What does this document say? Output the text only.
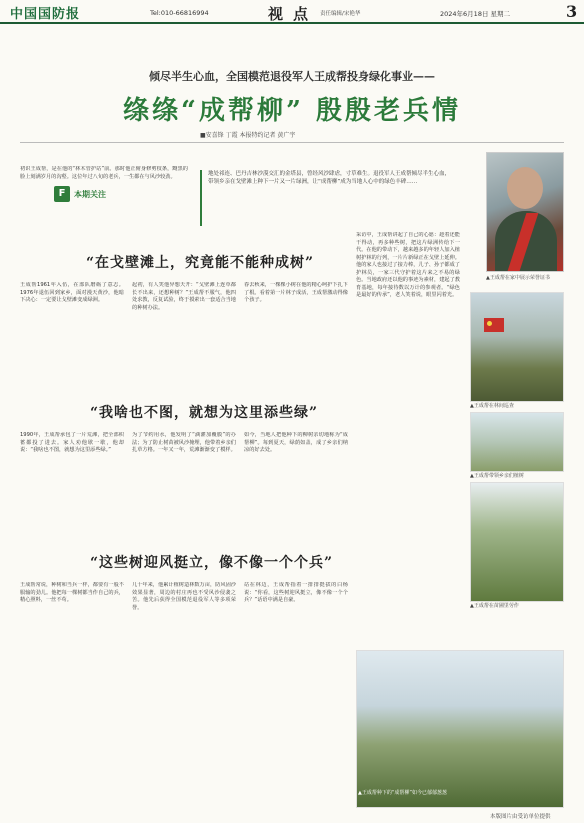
中国国防报	Tel:010-66816994	视点 责任编辑/宋艳华	2024年6月18日 星期二	3
倾尽半生心血，全国模范退役军人王成帮投身绿化事业——
绦绦“成帮柳” 殷殷老兵情
■安喜锋 丁霞 本报特约记者 黄广宇
初识王成帮，是在他的“林木管护站”前。那时他正俯身修剪枝条，黝黑的脸上刻满岁月的沟壑。这位年过八旬的老兵，一生都在与风沙较劲。
F	本期关注
地处祁连、巴丹吉林沙漠交汇的金塔县，曾经风沙肆虐，寸草难生。退役军人王成帮倾尽半生心血，带领乡亲在戈壁滩上种下一片又一片绿洲，让“成帮柳”成为当地人心中的绿色丰碑……
▲王成帮在家中展示荣誉证书
“在戈壁滩上，究竟能不能种成树”
王成帮1961年入伍，在部队磨砺了意志。1976年退伍回到家乡，面对漫天黄沙，他暗下决心：一定要让戈壁滩变成绿洲。
起初，有人笑他异想天开：“戈壁滩上连草都长不出来，还想种树？”王成帮不服气，他四处求教，反复试验，终于摸索出一套适合当地的种树办法。
春去秋来，一棵棵小树在他的精心呵护下扎下了根。看着第一片林子成活，王成帮激动得像个孩子。
“我啥也不图，就想为这里添些绿”
1990年，王成帮承包了一片荒滩，把全部积蓄都投了进去。家人劝他歇一歇，他却说：“我啥也不图，就想为这里添些绿。”
为了节约用水，他发明了“滴灌加覆膜”的办法；为了防止树苗被风沙掩埋，他带着乡亲们扎草方格。一年又一年，荒滩渐渐变了模样。
如今，当地人把他种下的柳树亲切地称为“成帮柳”。每到夏天，绿荫如盖，成了乡亲们纳凉的好去处。
“这些树迎风挺立，像不像一个个兵”
王成帮常说，种树和当兵一样，都要有一股不服输的劲儿。他把每一棵树都当作自己的兵，精心照料，一丝不苟。
几十年来，他累计植树造林数万亩，防风固沙效果显著，周边的村庄再也不受风沙侵袭之苦。他先后获得全国模范退役军人等多项荣誉。
站在林边，王成帮指着一排排挺拔的白杨说：“你看，这些树迎风挺立，像不像一个个兵？”话语中满是自豪。
采访中，王成帮讲起了自己的心愿：趁着还能干得动，再多种些树，把这片绿洲传给下一代。在他的带动下，越来越多的年轻人加入植树护林的行列，一片片新绿正在戈壁上延伸。他的家人也接过了接力棒，儿子、孙子都成了护林员，一家三代守护着这片来之不易的绿色。当地政府还以他的事迹为素材，建起了教育基地，每年接待数以万计的参观者。“绿色是最好的传承”，老人笑着说，眼里闪着光。
▲王成帮在林间巡查
▲王成帮带领乡亲们植树
▲王成帮在苗圃里劳作
▲王成帮种下的“成帮柳”如今已郁郁葱葱
本版图片由受访单位提供
